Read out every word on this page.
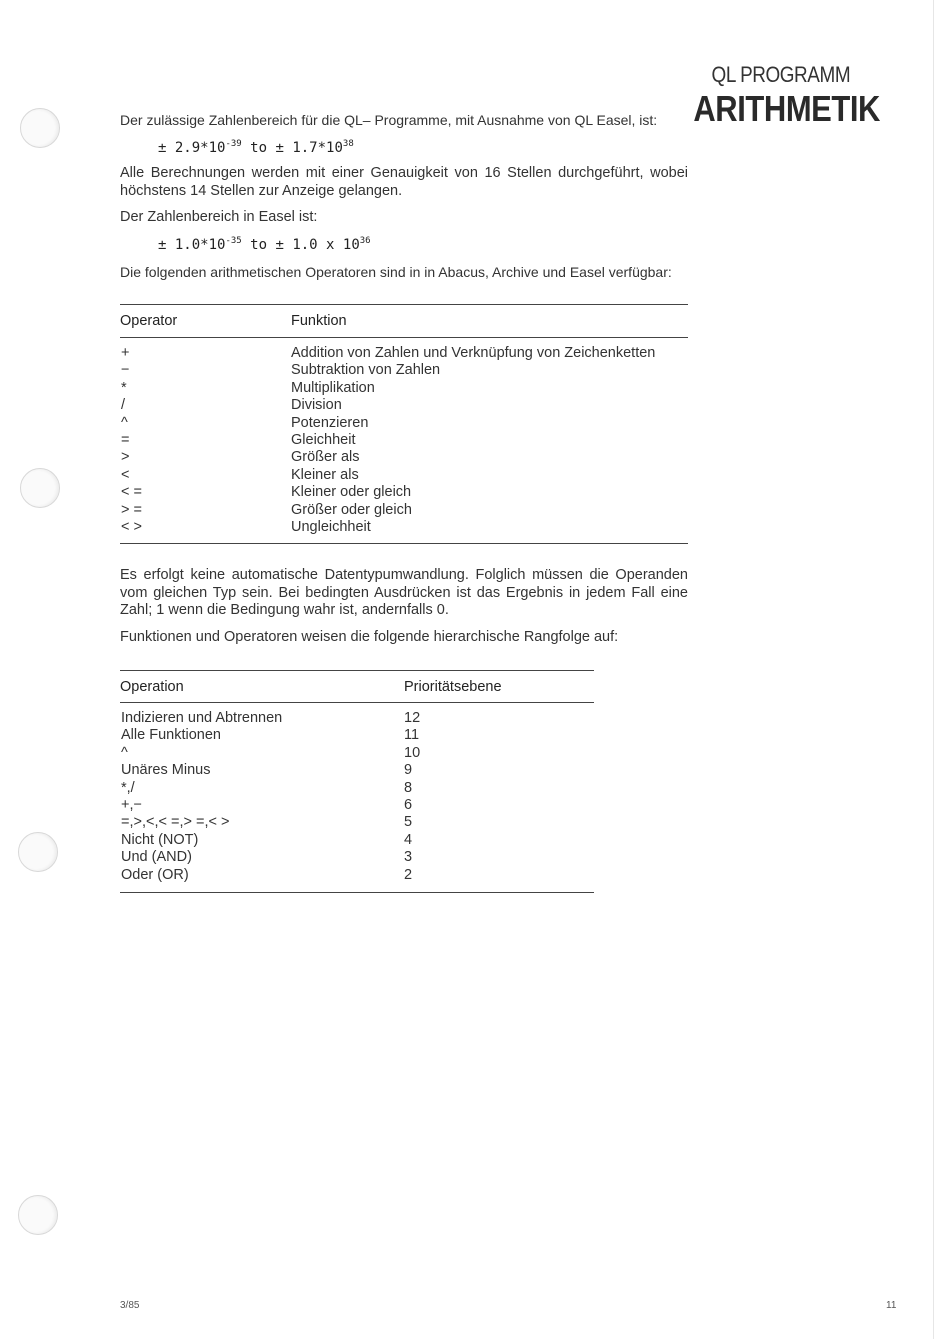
QL PROGRAMM
ARITHMETIK
Der zulässige Zahlenbereich für die QL– Programme, mit Ausnahme von QL Easel, ist:
± $2.9*10^{-39}$ to ± $1.7*10^{38}$
Alle Berechnungen werden mit einer Genauigkeit von 16 Stellen durchgeführt, wobei höchstens 14 Stellen zur Anzeige gelangen.
Der Zahlenbereich in Easel ist:
± $1.0*10^{-35}$ to ± 1.0 x $10^{36}$
Die folgenden arithmetischen Operatoren sind in in Abacus, Archive und Easel verfügbar:
Operator	Funktion
+	Addition von Zahlen und Verknüpfung von Zeichenketten
−	Subtraktion von Zahlen
*	Multiplikation
/	Division
^	Potenzieren
=	Gleichheit
>	Größer als
<	Kleiner als
< =	Kleiner oder gleich
> =	Größer oder gleich
< >	Ungleichheit
Es erfolgt keine automatische Datentypumwandlung. Folglich müssen die Operanden vom gleichen Typ sein. Bei bedingten Ausdrücken ist das Ergebnis in jedem Fall eine Zahl; 1 wenn die Bedingung wahr ist, andernfalls 0.
Funktionen und Operatoren weisen die folgende hierarchische Rangfolge auf:
Operation	Prioritätsebene
Indizieren und Abtrennen	12
Alle Funktionen	11
^	10
Unäres Minus	9
*,/	8
+,−	6
=,>,<,< =,> =,< >	5
Nicht (NOT)	4
Und (AND)	3
Oder (OR)	2
3/85	11
